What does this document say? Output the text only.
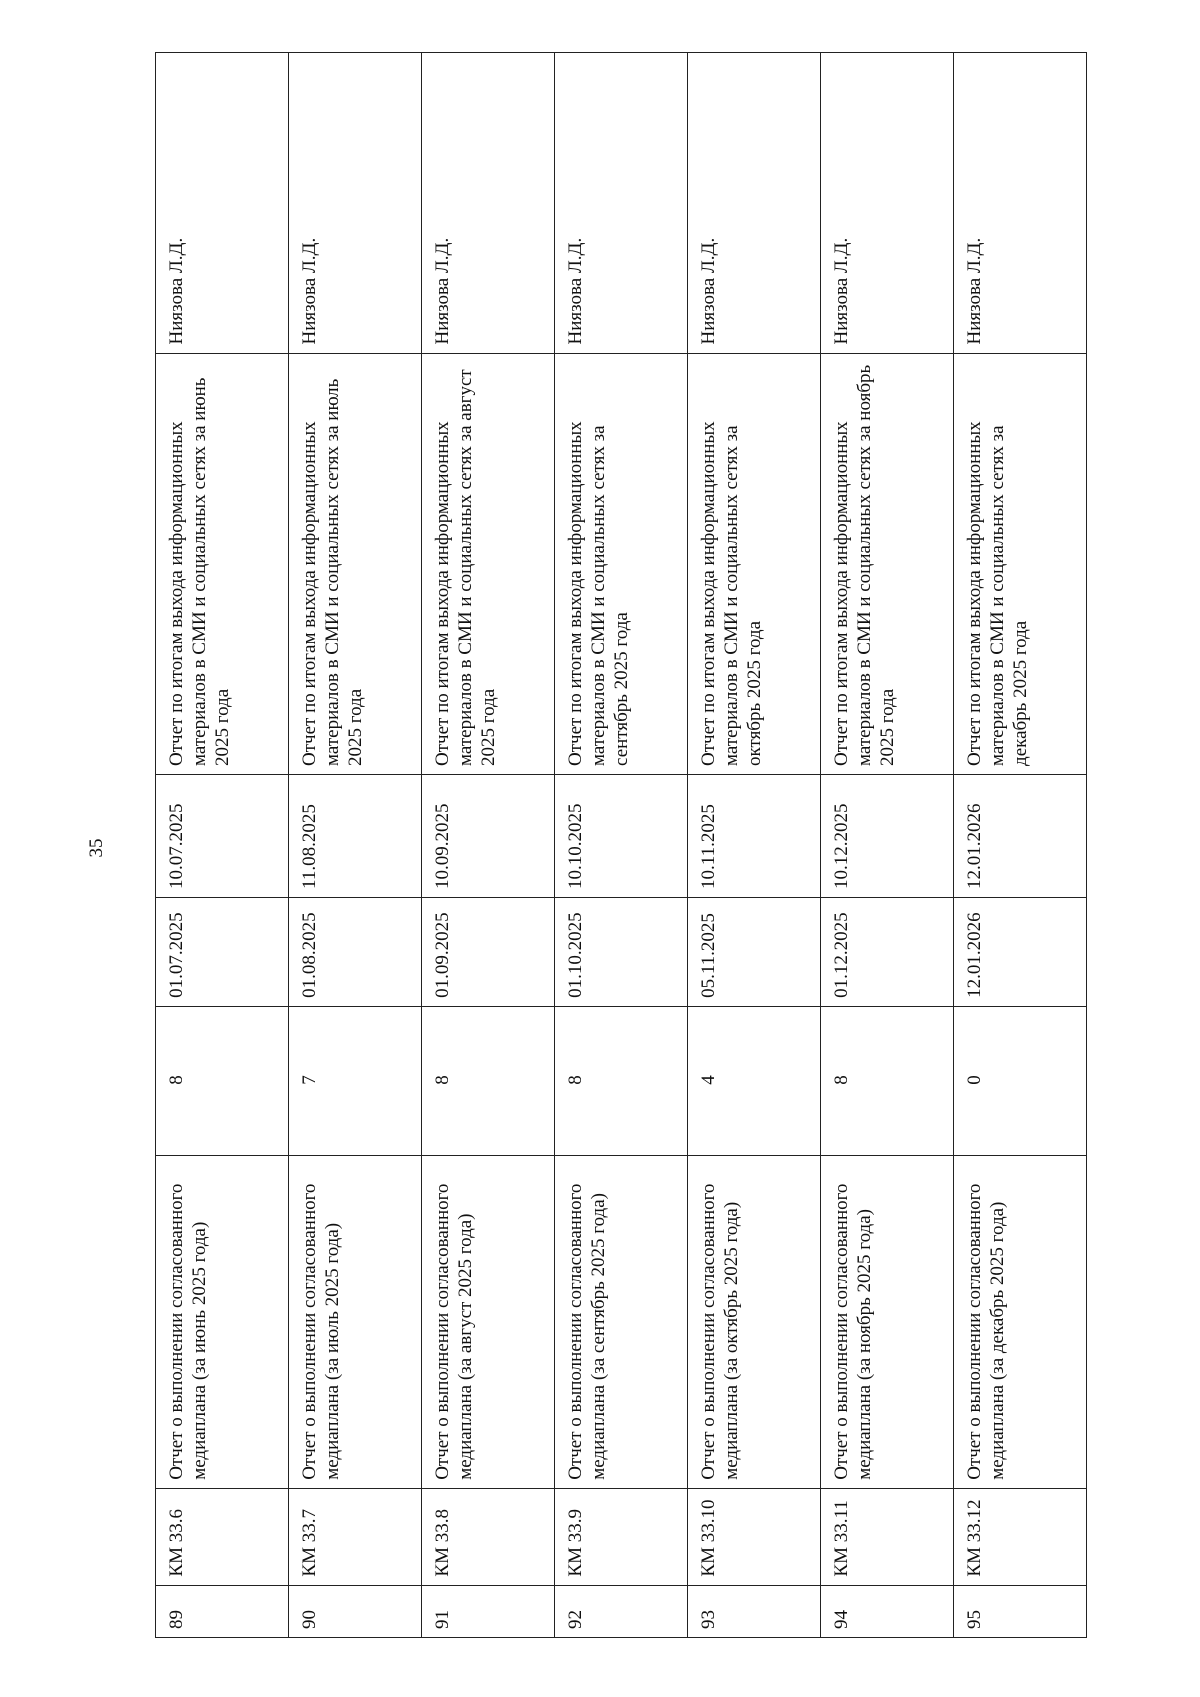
35
89	КМ 33.6	Отчет о выполнении согласованного медиаплана (за июнь 2025 года)	8	01.07.2025	10.07.2025	Отчет по итогам выхода информационных материалов в СМИ и социальных сетях за июнь 2025 года	Ниязова Л.Д.
90	КМ 33.7	Отчет о выполнении согласованного медиаплана (за июль 2025 года)	7	01.08.2025	11.08.2025	Отчет по итогам выхода информационных материалов в СМИ и социальных сетях за июль 2025 года	Ниязова Л.Д.
91	КМ 33.8	Отчет о выполнении согласованного медиаплана (за август 2025 года)	8	01.09.2025	10.09.2025	Отчет по итогам выхода информационных материалов в СМИ и социальных сетях за август 2025 года	Ниязова Л.Д.
92	КМ 33.9	Отчет о выполнении согласованного медиаплана (за сентябрь 2025 года)	8	01.10.2025	10.10.2025	Отчет по итогам выхода информационных материалов в СМИ и социальных сетях за сентябрь 2025 года	Ниязова Л.Д.
93	КМ 33.10	Отчет о выполнении согласованного медиаплана (за октябрь 2025 года)	4	05.11.2025	10.11.2025	Отчет по итогам выхода информационных материалов в СМИ и социальных сетях за октябрь 2025 года	Ниязова Л.Д.
94	КМ 33.11	Отчет о выполнении согласованного медиаплана (за ноябрь 2025 года)	8	01.12.2025	10.12.2025	Отчет по итогам выхода информационных материалов в СМИ и социальных сетях за ноябрь 2025 года	Ниязова Л.Д.
95	КМ 33.12	Отчет о выполнении согласованного медиаплана (за декабрь 2025 года)	0	12.01.2026	12.01.2026	Отчет по итогам выхода информационных материалов в СМИ и социальных сетях за декабрь 2025 года	Ниязова Л.Д.
